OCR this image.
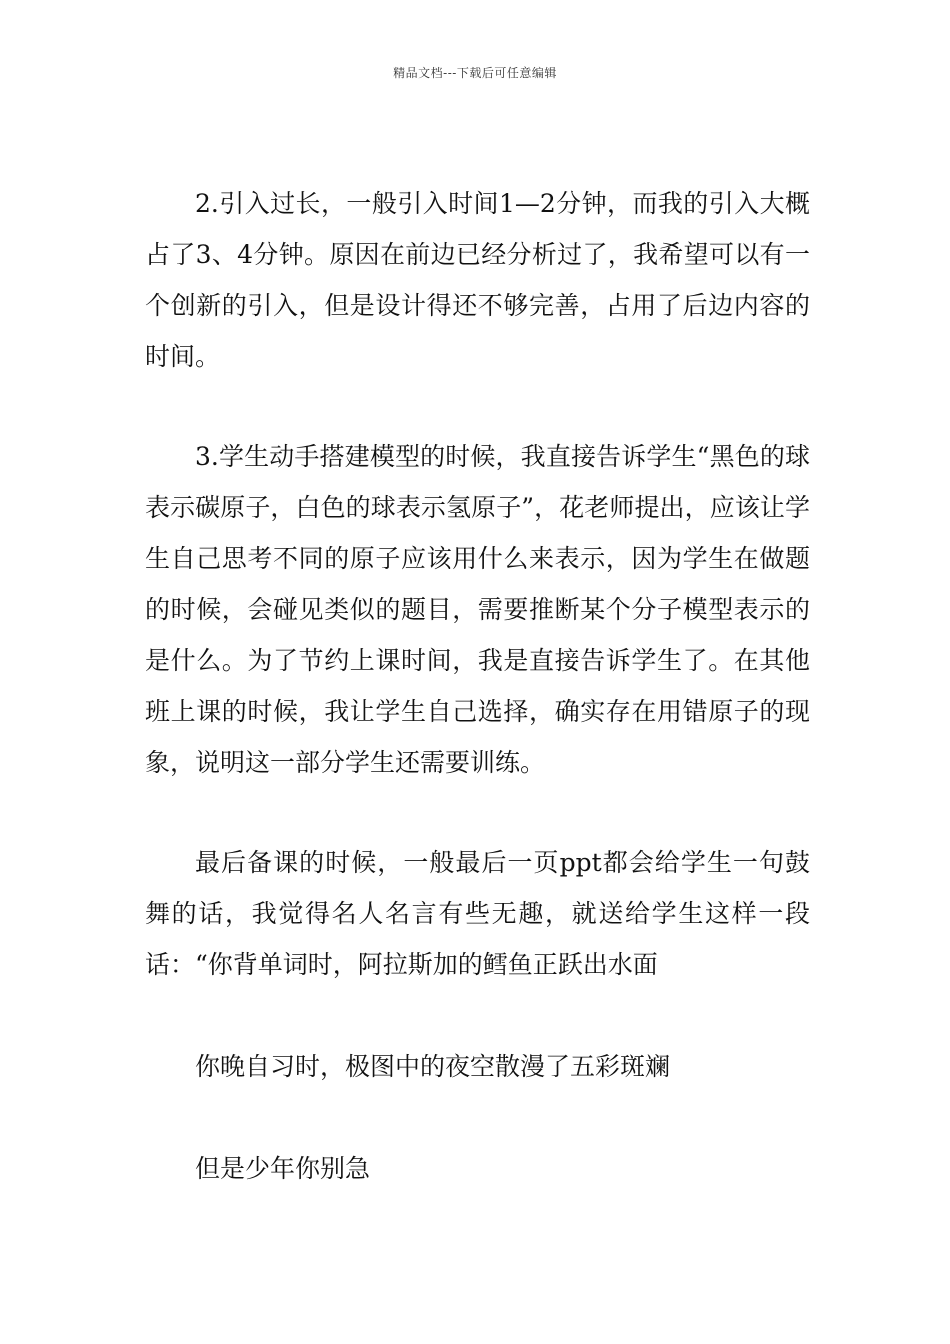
精品文档---下载后可任意编辑

2.引入过长，一般引入时间1—2分钟，而我的引入大概占了3、4分钟。原因在前边已经分析过了，我希望可以有一个创新的引入，但是设计得还不够完善，占用了后边内容的时间。

3.学生动手搭建模型的时候，我直接告诉学生“黑色的球表示碳原子，白色的球表示氢原子”，花老师提出，应该让学生自己思考不同的原子应该用什么来表示，因为学生在做题的时候，会碰见类似的题目，需要推断某个分子模型表示的是什么。为了节约上课时间，我是直接告诉学生了。在其他班上课的时候，我让学生自己选择，确实存在用错原子的现象，说明这一部分学生还需要训练。

最后备课的时候，一般最后一页ppt都会给学生一句鼓舞的话，我觉得名人名言有些无趣，就送给学生这样一段话：“你背单词时，阿拉斯加的鳕鱼正跃出水面

你晚自习时，极图中的夜空散漫了五彩斑斓

但是少年你别急
